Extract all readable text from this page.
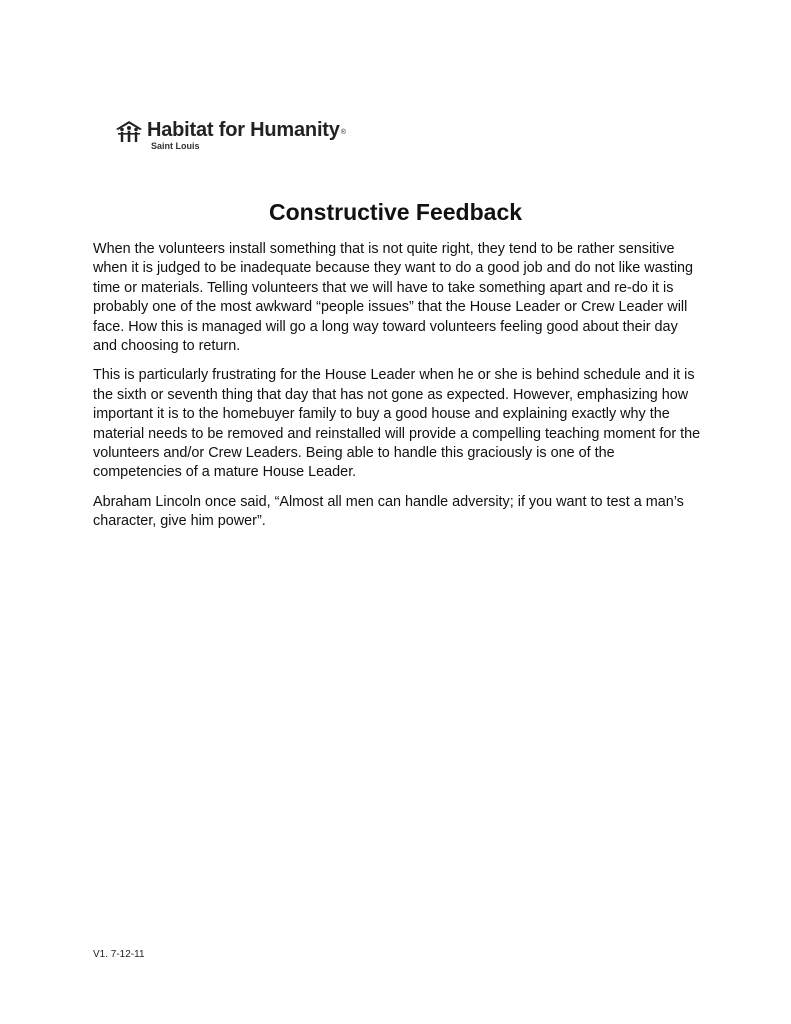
Habitat for Humanity®
Saint Louis
Constructive Feedback

When the volunteers install something that is not quite right, they tend to be rather sensitive when it is judged to be inadequate because they want to do a good job and do not like wasting time or materials. Telling volunteers that we will have to take something apart and re-do it is probably one of the most awkward “people issues” that the House Leader or Crew Leader will face. How this is managed will go a long way toward volunteers feeling good about their day and choosing to return.

This is particularly frustrating for the House Leader when he or she is behind schedule and it is the sixth or seventh thing that day that has not gone as expected. However, emphasizing how important it is to the homebuyer family to buy a good house and explaining exactly why the material needs to be removed and reinstalled will provide a compelling teaching moment for the volunteers and/or Crew Leaders. Being able to handle this graciously is one of the competencies of a mature House Leader.

Abraham Lincoln once said, “Almost all men can handle adversity; if you want to test a man’s character, give him power”.

V1. 7-12-11
